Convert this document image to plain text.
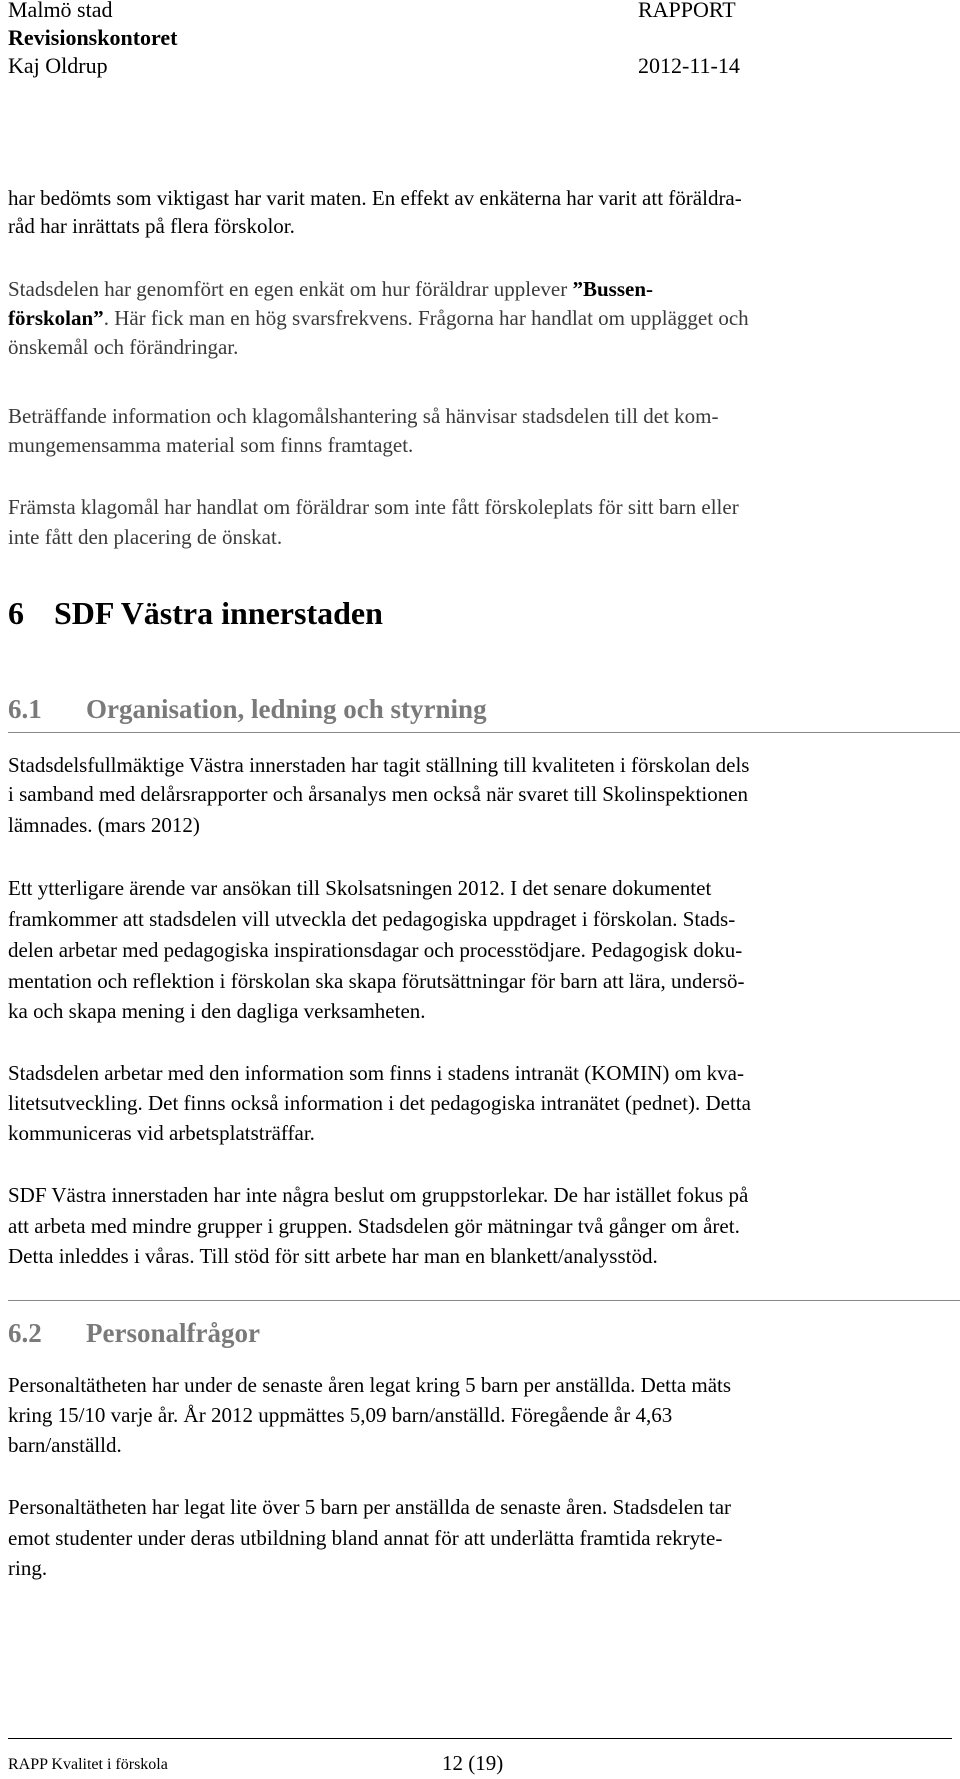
Malmö stad
Revisionskontoret
Kaj Oldrup
RAPPORT
2012-11-14
har bedömts som viktigast har varit maten. En effekt av enkäterna har varit att föräldra-
råd har inrättats på flera förskolor.
Stadsdelen har genomfört en egen enkät om hur föräldrar upplever ”Bussen-
förskolan”. Här fick man en hög svarsfrekvens. Frågorna har handlat om upplägget och
önskemål och förändringar.
Beträffande information och klagomålshantering så hänvisar stadsdelen till det kom-
mungemensamma material som finns framtaget.
Främsta klagomål har handlat om föräldrar som inte fått förskoleplats för sitt barn eller
inte fått den placering de önskat.
6 SDF Västra innerstaden
6.1 Organisation, ledning och styrning
Stadsdelsfullmäktige Västra innerstaden har tagit ställning till kvaliteten i förskolan dels
i samband med delårsrapporter och årsanalys men också när svaret till Skolinspektionen
lämnades. (mars 2012)
Ett ytterligare ärende var ansökan till Skolsatsningen 2012. I det senare dokumentet
framkommer att stadsdelen vill utveckla det pedagogiska uppdraget i förskolan. Stads-
delen arbetar med pedagogiska inspirationsdagar och processtödjare. Pedagogisk doku-
mentation och reflektion i förskolan ska skapa förutsättningar för barn att lära, undersö-
ka och skapa mening i den dagliga verksamheten.
Stadsdelen arbetar med den information som finns i stadens intranät (KOMIN) om kva-
litetsutveckling. Det finns också information i det pedagogiska intranätet (pednet). Detta
kommuniceras vid arbetsplatsträffar.
SDF Västra innerstaden har inte några beslut om gruppstorlekar. De har istället fokus på
att arbeta med mindre grupper i gruppen. Stadsdelen gör mätningar två gånger om året.
Detta inleddes i våras. Till stöd för sitt arbete har man en blankett/analysstöd.
6.2 Personalfrågor
Personaltätheten har under de senaste åren legat kring 5 barn per anställda. Detta mäts
kring 15/10 varje år. År 2012 uppmättes 5,09 barn/anställd. Föregående år 4,63
barn/anställd.
Personaltätheten har legat lite över 5 barn per anställda de senaste åren. Stadsdelen tar
emot studenter under deras utbildning bland annat för att underlätta framtida rekryte-
ring.
RAPP Kvalitet i förskola	12 (19)
